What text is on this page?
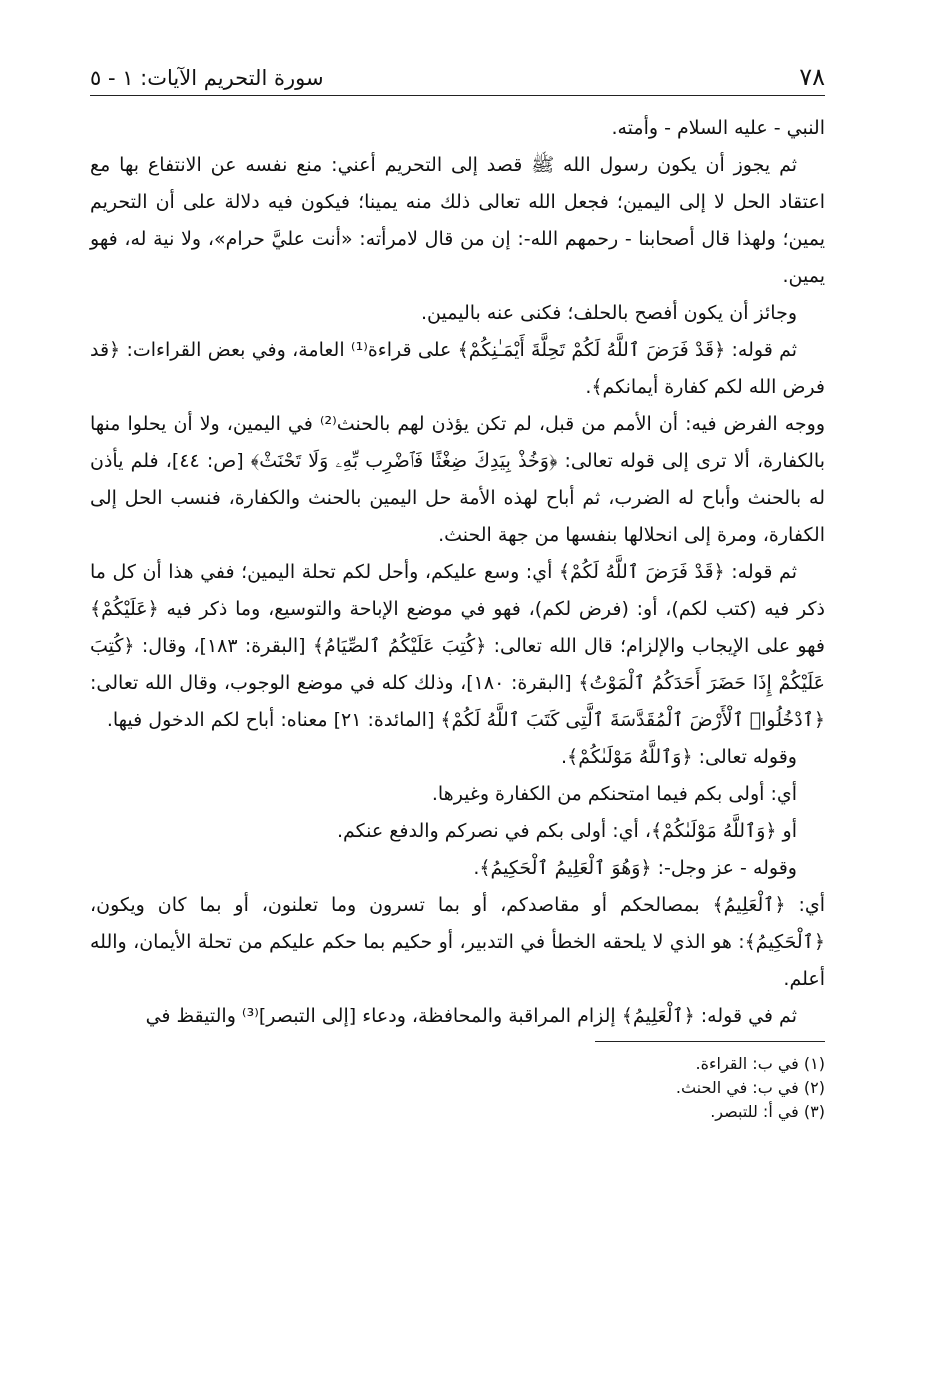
٧٨
سورة التحريم الآيات: ١ - ٥

النبي - عليه السلام - وأمته.

ثم يجوز أن يكون رسول الله ﷺ قصد إلى التحريم أعني: منع نفسه عن الانتفاع بها مع اعتقاد الحل لا إلى اليمين؛ فجعل الله تعالى ذلك منه يمينا؛ فيكون فيه دلالة على أن التحريم يمين؛ ولهذا قال أصحابنا - رحمهم الله-: إن من قال لامرأته: «أنت عليَّ حرام»، ولا نية له، فهو يمين.

وجائز أن يكون أفصح بالحلف؛ فكنى عنه باليمين.

ثم قوله: ﴿قَدْ فَرَضَ ٱللَّهُ لَكُمْ تَحِلَّةَ أَيْمَـٰنِكُمْ﴾ على قراءة⁽¹⁾ العامة، وفي بعض القراءات: ﴿قد فرض الله لكم كفارة أيمانكم﴾.

ووجه الفرض فيه: أن الأمم من قبل، لم تكن يؤذن لهم بالحنث⁽²⁾ في اليمين، ولا أن يحلوا منها بالكفارة، ألا ترى إلى قوله تعالى: ﴿وَخُذْ بِيَدِكَ ضِغْثًا فَٱضْرِب بِّهِۦ وَلَا تَحْنَثْ﴾ [ص: ٤٤]، فلم يأذن له بالحنث وأباح له الضرب، ثم أباح لهذه الأمة حل اليمين بالحنث والكفارة، فنسب الحل إلى الكفارة، ومرة إلى انحلالها بنفسها من جهة الحنث.

ثم قوله: ﴿قَدْ فَرَضَ ٱللَّهُ لَكُمْ﴾ أي: وسع عليكم، وأحل لكم تحلة اليمين؛ ففي هذا أن كل ما ذكر فيه (كتب لكم)، أو: (فرض لكم)، فهو في موضع الإباحة والتوسيع، وما ذكر فيه ﴿عَلَيْكُمْ﴾ فهو على الإيجاب والإلزام؛ قال الله تعالى: ﴿كُتِبَ عَلَيْكُمُ ٱلصِّيَامُ﴾ [البقرة: ١٨٣]، وقال: ﴿كُتِبَ عَلَيْكُمْ إِذَا حَضَرَ أَحَدَكُمُ ٱلْمَوْتُ﴾ [البقرة: ١٨٠]، وذلك كله في موضع الوجوب، وقال الله تعالى: ﴿ٱدْخُلُوا۟ ٱلْأَرْضَ ٱلْمُقَدَّسَةَ ٱلَّتِى كَتَبَ ٱللَّهُ لَكُمْ﴾ [المائدة: ٢١] معناه: أباح لكم الدخول فيها.

وقوله تعالى: ﴿وَٱللَّهُ مَوْلَىٰكُمْ﴾.

أي: أولى بكم فيما امتحنكم من الكفارة وغيرها.

أو ﴿وَٱللَّهُ مَوْلَىٰكُمْ﴾، أي: أولى بكم في نصركم والدفع عنكم.

وقوله - عز وجل-: ﴿وَهُوَ ٱلْعَلِيمُ ٱلْحَكِيمُ﴾.

أي: ﴿ٱلْعَلِيمُ﴾ بمصالحكم أو مقاصدكم، أو بما تسرون وما تعلنون، أو بما كان ويكون، ﴿ٱلْحَكِيمُ﴾: هو الذي لا يلحقه الخطأ في التدبير، أو حكيم بما حكم عليكم من تحلة الأيمان، والله أعلم.

ثم في قوله: ﴿ٱلْعَلِيمُ﴾ إلزام المراقبة والمحافظة، ودعاء [إلى التبصر]⁽³⁾ والتيقظ في

(١) في ب: القراءة.

(٢) في ب: في الحنث.

(٣) في أ: للتبصر.
